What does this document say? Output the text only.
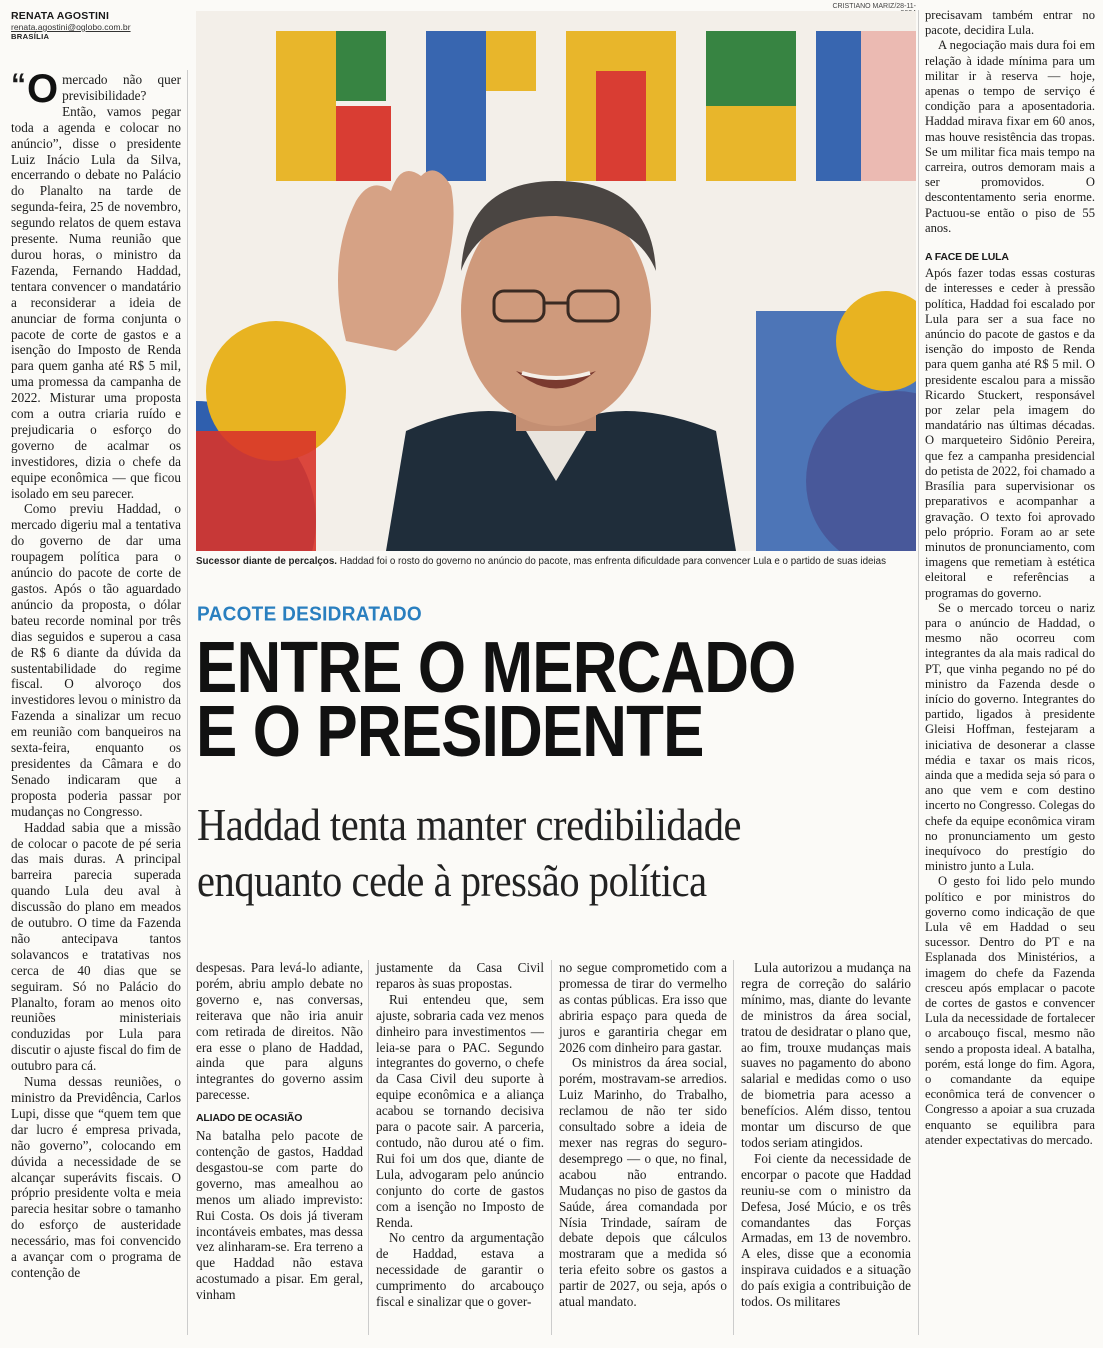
RENATA AGOSTINI
renata.agostini@oglobo.com.br
BRASÍLIA

“ O mercado não quer previsibilidade? Então, vamos pegar toda a agenda e colocar no anúncio”, disse o presidente Luiz Inácio Lula da Silva, encerrando o debate no Palácio do Planalto na tarde de segunda-feira, 25 de novembro, segundo relatos de quem estava presente. Numa reunião que durou horas, o ministro da Fazenda, Fernando Haddad, tentara convencer o mandatário a reconsiderar a ideia de anunciar de forma conjunta o pacote de corte de gastos e a isenção do Imposto de Renda para quem ganha até R$ 5 mil, uma promessa da campanha de 2022. Misturar uma proposta com a outra criaria ruído e prejudicaria o esforço do governo de acalmar os investidores, dizia o chefe da equipe econômica — que ficou isolado em seu parecer.

Como previu Haddad, o mercado digeriu mal a tentativa do governo de dar uma roupagem política para o anúncio do pacote de corte de gastos. Após o tão aguardado anúncio da proposta, o dólar bateu recorde nominal por três dias seguidos e superou a casa de R$ 6 diante da dúvida da sustentabilidade do regime fiscal. O alvoroço dos investidores levou o ministro da Fazenda a sinalizar um recuo em reunião com banqueiros na sexta-feira, enquanto os presidentes da Câmara e do Senado indicaram que a proposta poderia passar por mudanças no Congresso.

Haddad sabia que a missão de colocar o pacote de pé seria das mais duras. A principal barreira parecia superada quando Lula deu aval à discussão do plano em meados de outubro. O time da Fazenda não antecipava tantos solavancos e tratativas nos cerca de 40 dias que se seguiram. Só no Palácio do Planalto, foram ao menos oito reuniões ministeriais conduzidas por Lula para discutir o ajuste fiscal do fim de outubro para cá.

Numa dessas reuniões, o ministro da Previdência, Carlos Lupi, disse que “quem tem que dar lucro é empresa privada, não governo”, colocando em dúvida a necessidade de se alcançar superávits fiscais. O próprio presidente volta e meia parecia hesitar sobre o tamanho do esforço de austeridade necessário, mas foi convencido a avançar com o programa de contenção de

CRISTIANO MARIZ/28-11-
Sucessor diante de percalços. Haddad foi o rosto do governo no anúncio do pacote, mas enfrenta dificuldade para convencer Lula e o partido de suas ideias
PACOTE DESIDRATADO
ENTRE O MERCADO
E O PRESIDENTE
Haddad tenta manter credibilidade
enquanto cede à pressão política

despesas. Para levá-lo adiante, porém, abriu amplo debate no governo e, nas conversas, reiterava que não iria anuir com retirada de direitos. Não era esse o plano de Haddad, ainda que para alguns integrantes do governo assim parecesse.

ALIADO DE OCASIÃO

Na batalha pelo pacote de contenção de gastos, Haddad desgastou-se com parte do governo, mas amealhou ao menos um aliado imprevisto: Rui Costa. Os dois já tiveram incontáveis embates, mas dessa vez alinharam-se. Era terreno a que Haddad não estava acostumado a pisar. Em geral, vinham

justamente da Casa Civil reparos às suas propostas.

Rui entendeu que, sem ajuste, sobraria cada vez menos dinheiro para investimentos — leia-se para o PAC. Segundo integrantes do governo, o chefe da Casa Civil deu suporte à equipe econômica e a aliança acabou se tornando decisiva para o pacote sair. A parceria, contudo, não durou até o fim. Rui foi um dos que, diante de Lula, advogaram pelo anúncio conjunto do corte de gastos com a isenção no Imposto de Renda.

No centro da argumentação de Haddad, estava a necessidade de garantir o cumprimento do arcabouço fiscal e sinalizar que o gover-

no segue comprometido com a promessa de tirar do vermelho as contas públicas. Era isso que abriria espaço para queda de juros e garantiria chegar em 2026 com dinheiro para gastar.

Os ministros da área social, porém, mostravam-se arredios. Luiz Marinho, do Trabalho, reclamou de não ter sido consultado sobre a ideia de mexer nas regras do seguro-desemprego — o que, no final, acabou não entrando. Mudanças no piso de gastos da Saúde, área comandada por Nísia Trindade, saíram de debate depois que cálculos mostraram que a medida só teria efeito sobre os gastos a partir de 2027, ou seja, após o atual mandato.

Lula autorizou a mudança na regra de correção do salário mínimo, mas, diante do levante de ministros da área social, tratou de desidratar o plano que, ao fim, trouxe mudanças mais suaves no pagamento do abono salarial e medidas como o uso de biometria para acesso a benefícios. Além disso, tentou montar um discurso de que todos seriam atingidos.

Foi ciente da necessidade de encorpar o pacote que Haddad reuniu-se com o ministro da Defesa, José Múcio, e os três comandantes das Forças Armadas, em 13 de novembro. A eles, disse que a economia inspirava cuidados e a situação do país exigia a contribuição de todos. Os militares

precisavam também entrar no pacote, decidira Lula.

A negociação mais dura foi em relação à idade mínima para um militar ir à reserva — hoje, apenas o tempo de serviço é condição para a aposentadoria. Haddad mirava fixar em 60 anos, mas houve resistência das tropas. Se um militar fica mais tempo na carreira, outros demoram mais a ser promovidos. O descontentamento seria enorme. Pactuou-se então o piso de 55 anos.

A FACE DE LULA

Após fazer todas essas costuras de interesses e ceder à pressão política, Haddad foi escalado por Lula para ser a sua face no anúncio do pacote de gastos e da isenção do imposto de Renda para quem ganha até R$ 5 mil. O presidente escalou para a missão Ricardo Stuckert, responsável por zelar pela imagem do mandatário nas últimas décadas. O marqueteiro Sidônio Pereira, que fez a campanha presidencial do petista de 2022, foi chamado a Brasília para supervisionar os preparativos e acompanhar a gravação. O texto foi aprovado pelo próprio. Foram ao ar sete minutos de pronunciamento, com imagens que remetiam à estética eleitoral e referências a programas do governo.

Se o mercado torceu o nariz para o anúncio de Haddad, o mesmo não ocorreu com integrantes da ala mais radical do PT, que vinha pegando no pé do ministro da Fazenda desde o início do governo. Integrantes do partido, ligados à presidente Gleisi Hoffman, festejaram a iniciativa de desonerar a classe média e taxar os mais ricos, ainda que a medida seja só para o ano que vem e com destino incerto no Congresso. Colegas do chefe da equipe econômica viram no pronunciamento um gesto inequívoco do prestígio do ministro junto a Lula.

O gesto foi lido pelo mundo político e por ministros do governo como indicação de que Lula vê em Haddad o seu sucessor. Dentro do PT e na Esplanada dos Ministérios, a imagem do chefe da Fazenda cresceu após emplacar o pacote de cortes de gastos e convencer Lula da necessidade de fortalecer o arcabouço fiscal, mesmo não sendo a proposta ideal. A batalha, porém, está longe do fim. Agora, o comandante da equipe econômica terá de convencer o Congresso a apoiar a sua cruzada enquanto se equilibra para atender expectativas do mercado.
